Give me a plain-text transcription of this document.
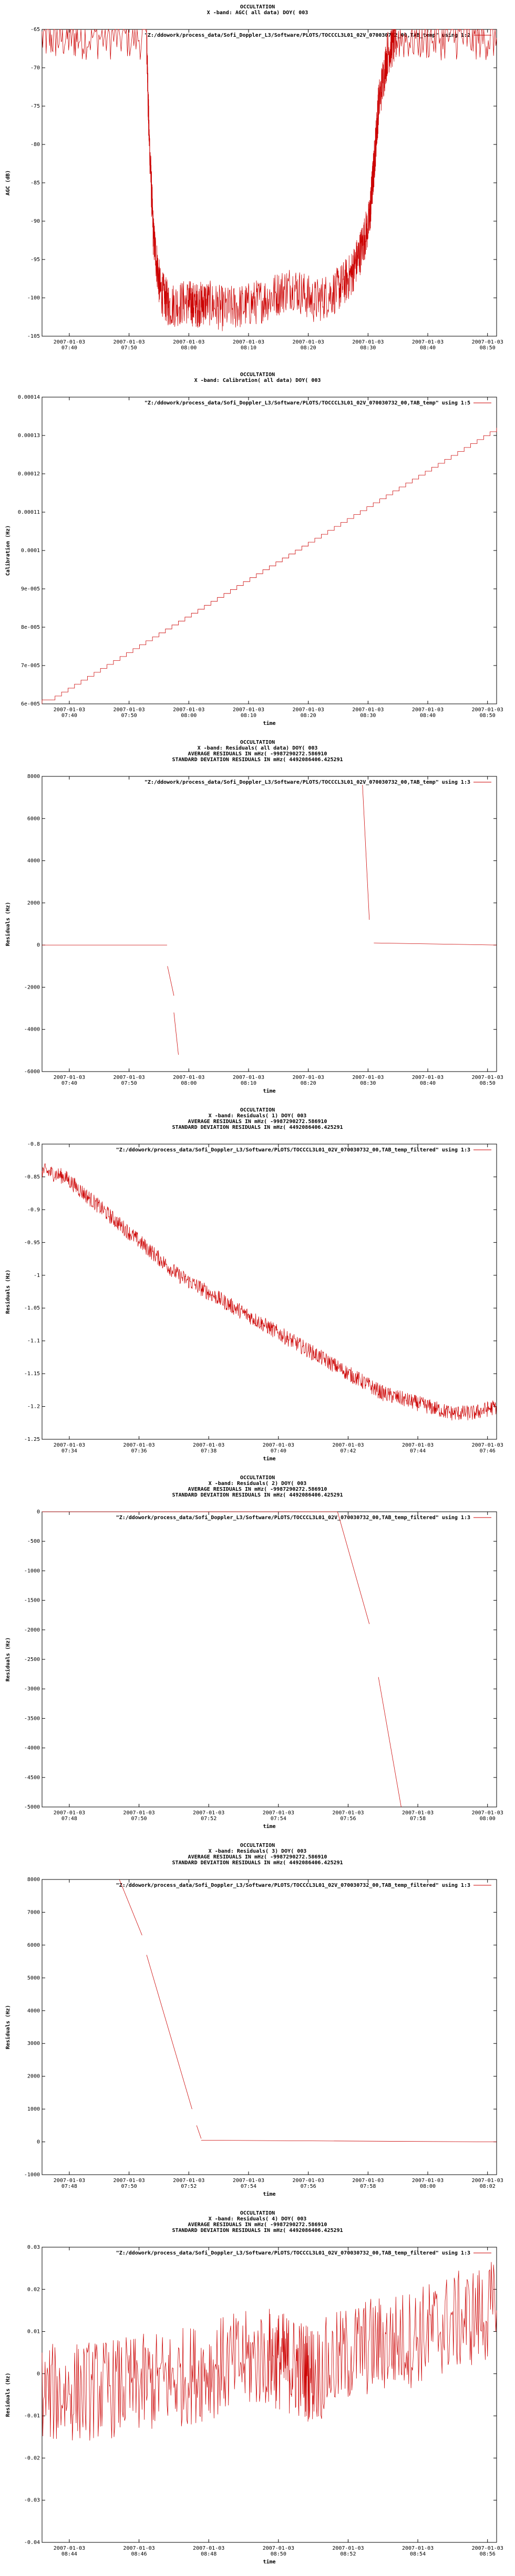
OCCULTATION
X -band: AGC( all data) DOY( 003
-65
-70
-75
-80
-85
-90
-95
-100
-105
2007-01-03
07:40
2007-01-03
07:50
2007-01-03
08:00
2007-01-03
08:10
2007-01-03
08:20
2007-01-03
08:30
2007-01-03
08:40
2007-01-03
08:50
AGC (dB)
"Z:/ddowork/process_data/Sofi_Doppler_L3/Software/PLOTS/TOCCCL3L01_02V_070030732_00,TAB_temp" using 1:2
OCCULTATION
X -band: Calibration( all data) DOY( 003
0.00014
0.00013
0.00012
0.00011
0.0001
9e-005
8e-005
7e-005
6e-005
2007-01-03
07:40
2007-01-03
07:50
2007-01-03
08:00
2007-01-03
08:10
2007-01-03
08:20
2007-01-03
08:30
2007-01-03
08:40
2007-01-03
08:50
time
Calibration (Hz)
"Z:/ddowork/process_data/Sofi_Doppler_L3/Software/PLOTS/TOCCCL3L01_02V_070030732_00,TAB_temp" using 1:5
OCCULTATION
X -band: Residuals( all data) DOY( 003
AVERAGE RESIDUALS IN mHz( -9987290272.586910
STANDARD DEVIATION RESIDUALS IN mHz( 4492086406.425291
8000
6000
4000
2000
0
-2000
-4000
-6000
2007-01-03
07:40
2007-01-03
07:50
2007-01-03
08:00
2007-01-03
08:10
2007-01-03
08:20
2007-01-03
08:30
2007-01-03
08:40
2007-01-03
08:50
time
Residuals (Hz)
"Z:/ddowork/process_data/Sofi_Doppler_L3/Software/PLOTS/TOCCCL3L01_02V_070030732_00,TAB_temp" using 1:3
OCCULTATION
X -band: Residuals( 1) DOY( 003
AVERAGE RESIDUALS IN mHz( -9987290272.586910
STANDARD DEVIATION RESIDUALS IN mHz( 4492086406.425291
-0.8
-0.85
-0.9
-0.95
-1
-1.05
-1.1
-1.15
-1.2
-1.25
2007-01-03
07:34
2007-01-03
07:36
2007-01-03
07:38
2007-01-03
07:40
2007-01-03
07:42
2007-01-03
07:44
2007-01-03
07:46
time
Residuals (Hz)
"Z:/ddowork/process_data/Sofi_Doppler_L3/Software/PLOTS/TOCCCL3L01_02V_070030732_00,TAB_temp_filtered" using 1:3
OCCULTATION
X -band: Residuals( 2) DOY( 003
AVERAGE RESIDUALS IN mHz( -9987290272.586910
STANDARD DEVIATION RESIDUALS IN mHz( 4492086406.425291
0
-500
-1000
-1500
-2000
-2500
-3000
-3500
-4000
-4500
-5000
2007-01-03
07:48
2007-01-03
07:50
2007-01-03
07:52
2007-01-03
07:54
2007-01-03
07:56
2007-01-03
07:58
2007-01-03
08:00
time
Residuals (Hz)
"Z:/ddowork/process_data/Sofi_Doppler_L3/Software/PLOTS/TOCCCL3L01_02V_070030732_00,TAB_temp_filtered" using 1:3
OCCULTATION
X -band: Residuals( 3) DOY( 003
AVERAGE RESIDUALS IN mHz( -9987290272.586910
STANDARD DEVIATION RESIDUALS IN mHz( 4492086406.425291
8000
7000
6000
5000
4000
3000
2000
1000
0
-1000
2007-01-03
07:48
2007-01-03
07:50
2007-01-03
07:52
2007-01-03
07:54
2007-01-03
07:56
2007-01-03
07:58
2007-01-03
08:00
2007-01-03
08:02
time
Residuals (Hz)
"Z:/ddowork/process_data/Sofi_Doppler_L3/Software/PLOTS/TOCCCL3L01_02V_070030732_00,TAB_temp_filtered" using 1:3
OCCULTATION
X -band: Residuals( 4) DOY( 003
AVERAGE RESIDUALS IN mHz( -9987290272.586910
STANDARD DEVIATION RESIDUALS IN mHz( 4492086406.425291
0.03
0.02
0.01
0
-0.01
-0.02
-0.03
-0.04
2007-01-03
08:44
2007-01-03
08:46
2007-01-03
08:48
2007-01-03
08:50
2007-01-03
08:52
2007-01-03
08:54
2007-01-03
08:56
time
Residuals (Hz)
"Z:/ddowork/process_data/Sofi_Doppler_L3/Software/PLOTS/TOCCCL3L01_02V_070030732_00,TAB_temp_filtered" using 1:3
